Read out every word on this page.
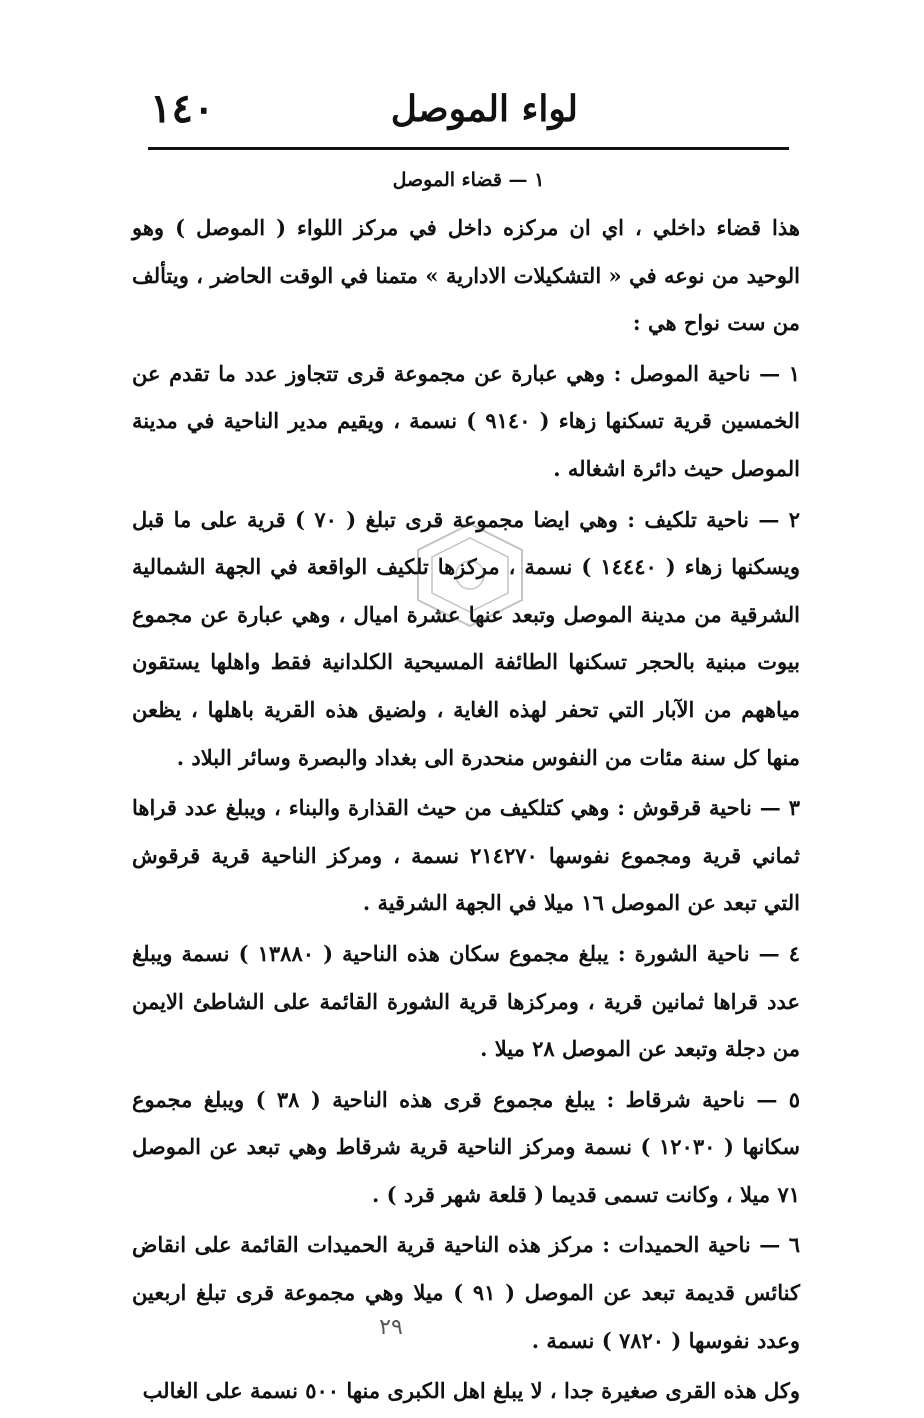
١٤٠	لواء الموصل
١ — قضاء الموصل

هذا قضاء داخلي ، اي ان مركزه داخل في مركز اللواء ( الموصل ) وهو الوحيد من نوعه في « التشكيلات الادارية » متمنا في الوقت الحاضر ، ويتألف من ست نواح هي :

١ — ناحية الموصل : وهي عبارة عن مجموعة قرى تتجاوز عدد ما تقدم عن الخمسين قرية تسكنها زهاء ( ٩١٤٠ ) نسمة ، ويقيم مدير الناحية في مدينة الموصل حيث دائرة اشغاله .

٢ — ناحية تلكيف : وهي ايضا مجموعة قرى تبلغ ( ٧٠ ) قرية على ما قبل ويسكنها زهاء ( ١٤٤٤٠ ) نسمة ، مركزها تلكيف الواقعة في الجهة الشمالية الشرقية من مدينة الموصل وتبعد عنها عشرة اميال ، وهي عبارة عن مجموع بيوت مبنية بالحجر تسكنها الطائفة المسيحية الكلدانية فقط واهلها يستقون مياههم من الآبار التي تحفر لهذه الغاية ، ولضيق هذه القرية باهلها ، يظعن منها كل سنة مئات من النفوس منحدرة الى بغداد والبصرة وسائر البلاد .

٣ — ناحية قرقوش : وهي كتلكيف من حيث القذارة والبناء ، ويبلغ عدد قراها ثماني قرية ومجموع نفوسها ٢١٤٢٧٠ نسمة ، ومركز الناحية قرية قرقوش التي تبعد عن الموصل ١٦ ميلا في الجهة الشرقية .

٤ — ناحية الشورة : يبلغ مجموع سكان هذه الناحية ( ١٣٨٨٠ ) نسمة ويبلغ عدد قراها ثمانين قرية ، ومركزها قرية الشورة القائمة على الشاطئ الايمن من دجلة وتبعد عن الموصل ٢٨ ميلا .

٥ — ناحية شرقاط : يبلغ مجموع قرى هذه الناحية ( ٣٨ ) ويبلغ مجموع سكانها ( ١٢٠٣٠ ) نسمة ومركز الناحية قرية شرقاط وهي تبعد عن الموصل ٧١ ميلا ، وكانت تسمى قديما ( قلعة شهر قرد ) .

٦ — ناحية الحميدات : مركز هذه الناحية قرية الحميدات القائمة على انقاض كنائس قديمة تبعد عن الموصل ( ٩١ ) ميلا وهي مجموعة قرى تبلغ اربعين وعدد نفوسها ( ٧٨٢٠ ) نسمة .

وكل هذه القرى صغيرة جدا ، لا يبلغ اهل الكبرى منها ٥٠٠ نسمة على الغالب

٢٩
